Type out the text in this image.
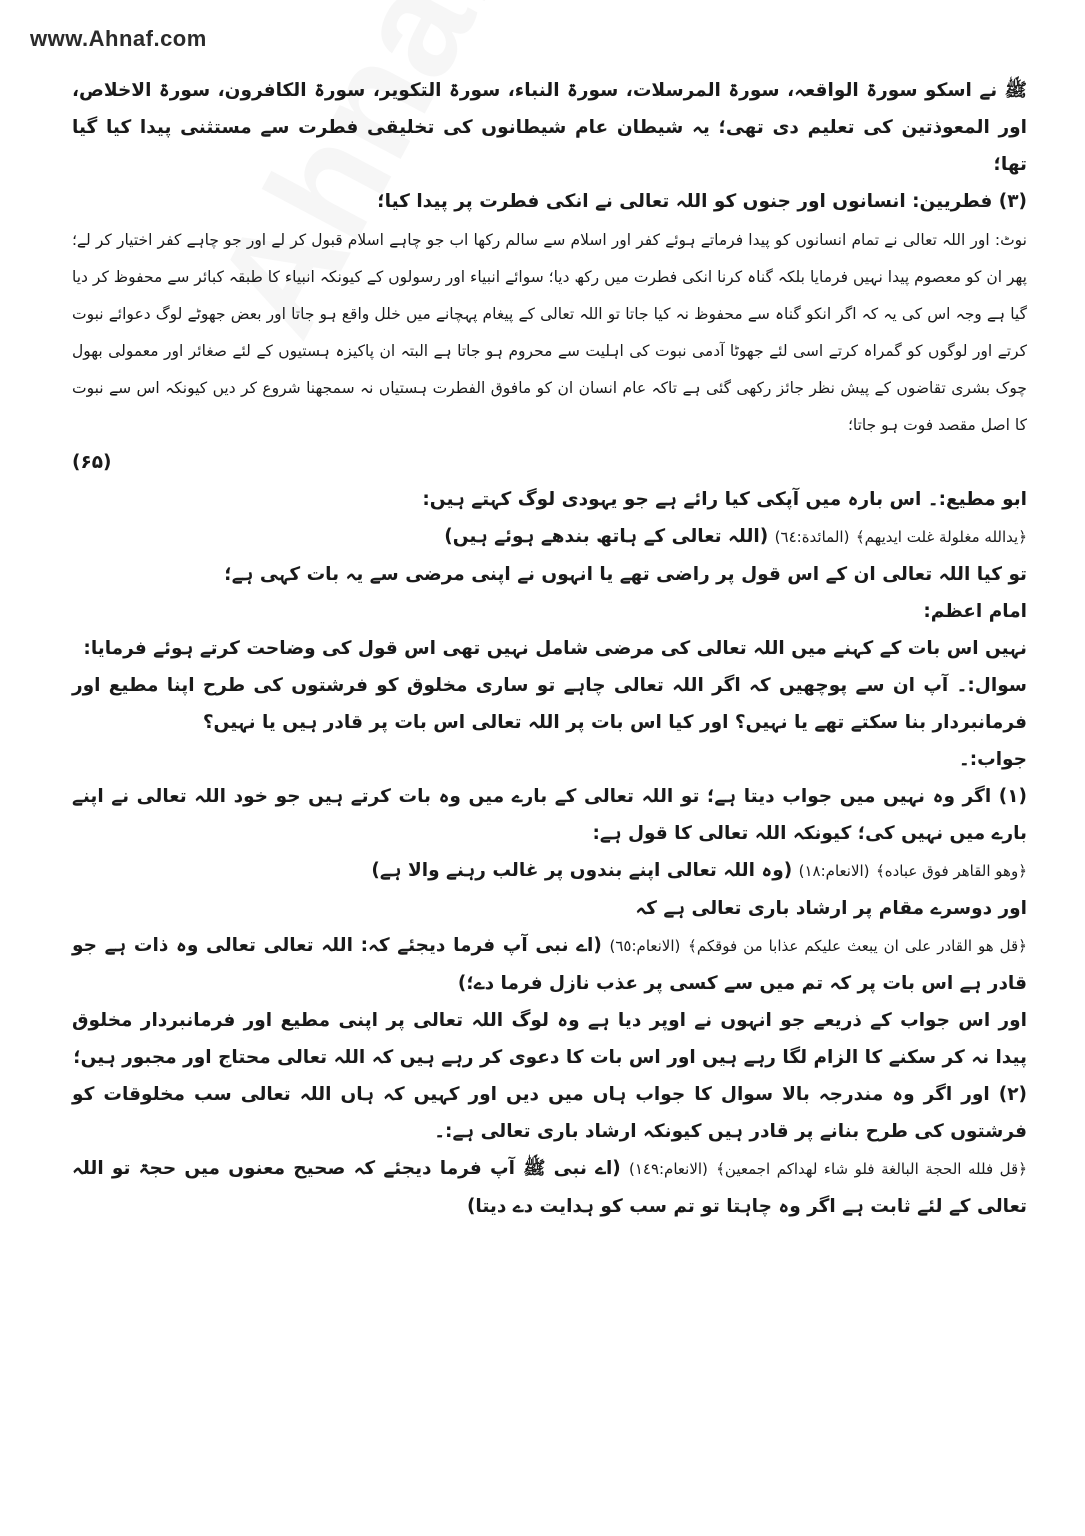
www.Ahnaf.com

ﷺ نے اسکو سورۃ الواقعہ، سورۃ المرسلات، سورۃ النباء، سورۃ التکویر، سورۃ الکافرون، سورۃ الاخلاص، اور المعوذتین کی تعلیم دی تھی؛ یہ شیطان عام شیطانوں کی تخلیقی فطرت سے مستثنی پیدا کیا گیا تھا؛

(۳) فطریین: انسانوں اور جنوں کو اللہ تعالی نے انکی فطرت پر پیدا کیا؛

نوٹ: اور اللہ تعالی نے تمام انسانوں کو پیدا فرماتے ہوئے کفر اور اسلام سے سالم رکھا اب جو چاہے اسلام قبول کر لے اور جو چاہے کفر اختیار کر لے؛ پھر ان کو معصوم پیدا نہیں فرمایا بلکہ گناہ کرنا انکی فطرت میں رکھ دیا؛ سوائے انبیاء اور رسولوں کے کیونکہ انبیاء کا طبقہ کبائر سے محفوظ کر دیا گیا ہے وجہ اس کی یہ کہ اگر انکو گناہ سے محفوظ نہ کیا جاتا تو اللہ تعالی کے پیغام پہچانے میں خلل واقع ہو جاتا اور بعض جھوٹے لوگ دعوائے نبوت کرتے اور لوگوں کو گمراہ کرتے اسی لئے جھوٹا آدمی نبوت کی اہلیت سے محروم ہو جاتا ہے البتہ ان پاکیزہ ہستیوں کے لئے صغائر اور معمولی بھول چوک بشری تقاضوں کے پیش نظر جائز رکھی گئی ہے تاکہ عام انسان ان کو مافوق الفطرت ہستیاں نہ سمجھنا شروع کر دیں کیونکہ اس سے نبوت کا اصل مقصد فوت ہو جاتا؛

(۶۵)

ابو مطیع:۔ اس بارہ میں آپکی کیا رائے ہے جو یہودی لوگ کہتے ہیں:

﴿یدالله مغلولة غلت ایدیهم﴾ (المائدة:٦٤) (اللہ تعالی کے ہاتھ بندھے ہوئے ہیں)

تو کیا اللہ تعالی ان کے اس قول پر راضی تھے یا انہوں نے اپنی مرضی سے یہ بات کہی ہے؛

امام اعظم:

نہیں اس بات کے کہنے میں اللہ تعالی کی مرضی شامل نہیں تھی اس قول کی وضاحت کرتے ہوئے فرمایا:

سوال:۔ آپ ان سے پوچھیں کہ اگر اللہ تعالی چاہے تو ساری مخلوق کو فرشتوں کی طرح اپنا مطیع اور فرمانبردار بنا سکتے تھے یا نہیں؟ اور کیا اس بات پر اللہ تعالی اس بات پر قادر ہیں یا نہیں؟

جواب:۔

(۱) اگر وہ نہیں میں جواب دیتا ہے؛ تو اللہ تعالی کے بارے میں وہ بات کرتے ہیں جو خود اللہ تعالی نے اپنے بارے میں نہیں کی؛ کیونکہ اللہ تعالی کا قول ہے:

﴿وهو القاهر فوق عباده﴾ (الانعام:١٨) (وہ اللہ تعالی اپنے بندوں پر غالب رہنے والا ہے)

اور دوسرے مقام پر ارشاد باری تعالی ہے کہ

﴿قل هو القادر علی ان یبعث علیکم عذابا من فوقکم﴾ (الانعام:٦٥) (اے نبی آپ فرما دیجئے کہ: اللہ تعالی تعالی وہ ذات ہے جو قادر ہے اس بات پر کہ تم میں سے کسی پر عذب نازل فرما دے؛)

اور اس جواب کے ذریعے جو انہوں نے اوپر دیا ہے وہ لوگ اللہ تعالی پر اپنی مطیع اور فرمانبردار مخلوق پیدا نہ کر سکنے کا الزام لگا رہے ہیں اور اس بات کا دعوی کر رہے ہیں کہ اللہ تعالی محتاج اور مجبور ہیں؛

(۲) اور اگر وہ مندرجہ بالا سوال کا جواب ہاں میں دیں اور کہیں کہ ہاں اللہ تعالی سب مخلوقات کو فرشتوں کی طرح بنانے پر قادر ہیں کیونکہ ارشاد باری تعالی ہے:۔

﴿قل فلله الحجة البالغة فلو شاء لهداکم اجمعین﴾ (الانعام:١٤٩) (اے نبی ﷺ آپ فرما دیجئے کہ صحیح معنوں میں حجۃ تو اللہ تعالی کے لئے ثابت ہے اگر وہ چاہتا تو تم سب کو ہدایت دے دیتا)
